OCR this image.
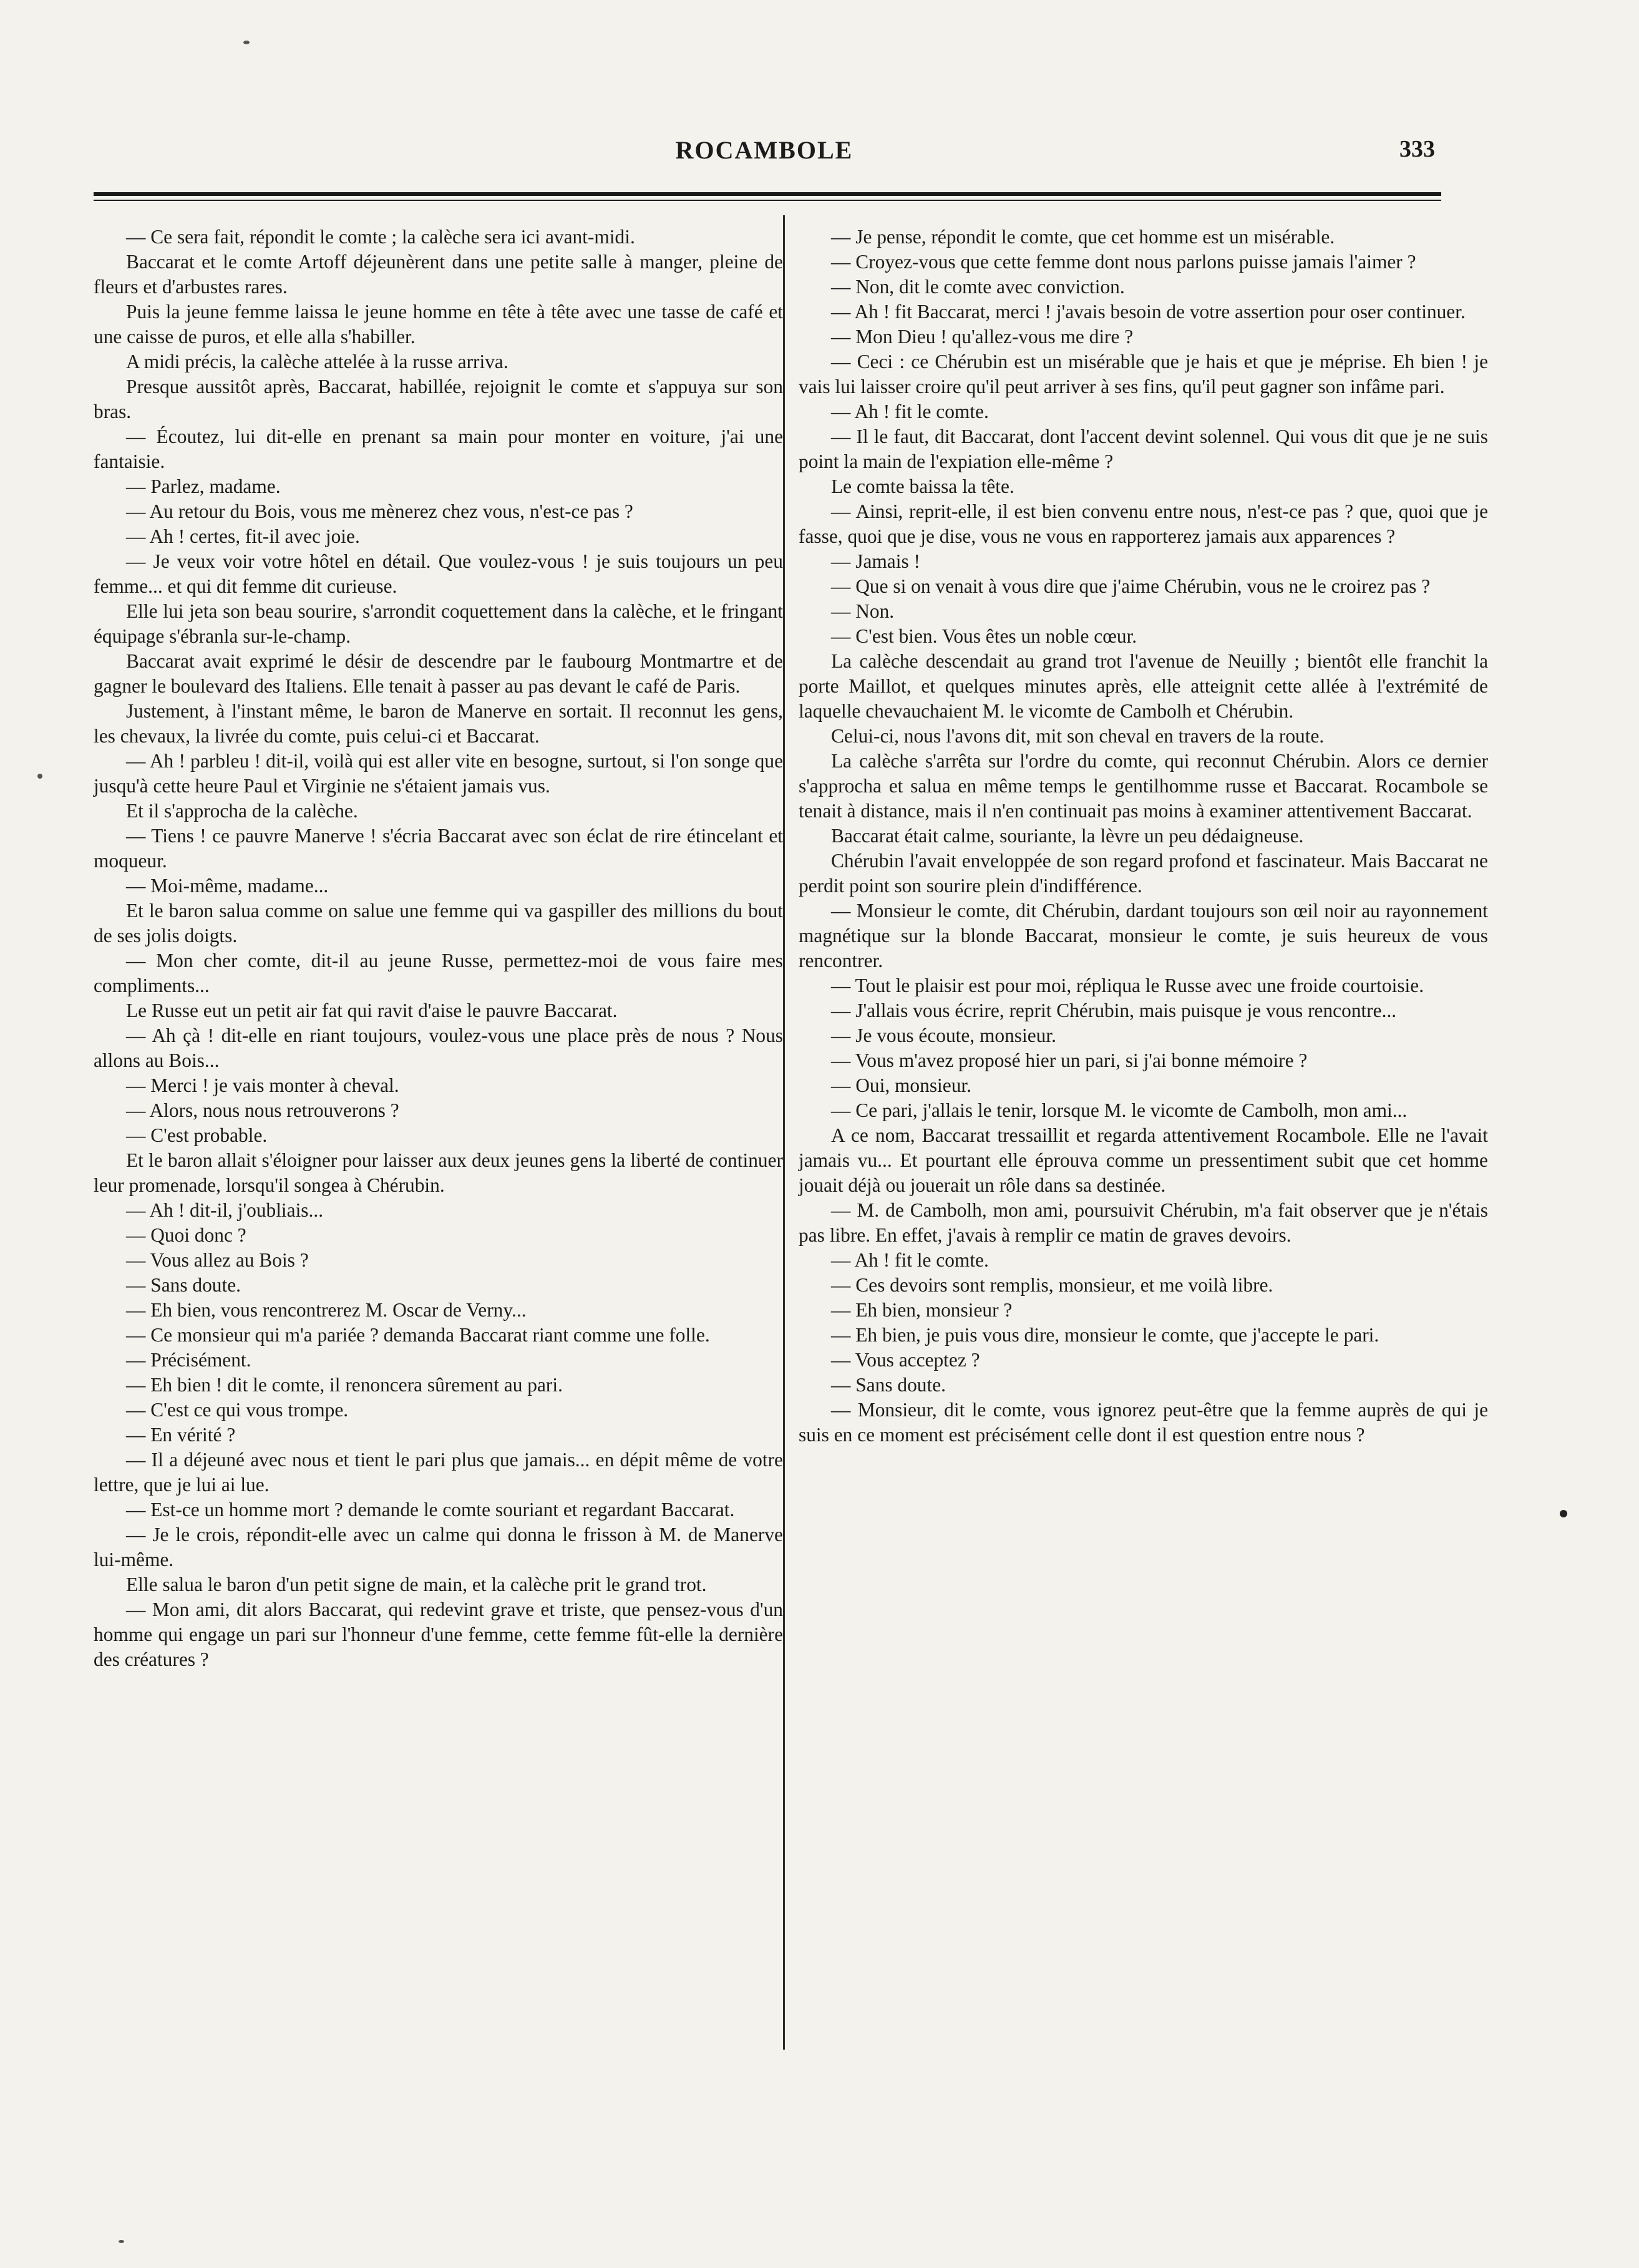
ROCAMBOLE	333

— Ce sera fait, répondit le comte ; la calèche sera ici avant-midi.

Baccarat et le comte Artoff déjeunèrent dans une petite salle à manger, pleine de fleurs et d'arbustes rares.

Puis la jeune femme laissa le jeune homme en tête à tête avec une tasse de café et une caisse de puros, et elle alla s'habiller.

A midi précis, la calèche attelée à la russe arriva.

Presque aussitôt après, Baccarat, habillée, rejoignit le comte et s'appuya sur son bras.

— Écoutez, lui dit-elle en prenant sa main pour monter en voiture, j'ai une fantaisie.

— Parlez, madame.

— Au retour du Bois, vous me mènerez chez vous, n'est-ce pas ?

— Ah ! certes, fit-il avec joie.

— Je veux voir votre hôtel en détail. Que voulez-vous ! je suis toujours un peu femme... et qui dit femme dit curieuse.

Elle lui jeta son beau sourire, s'arrondit coquettement dans la calèche, et le fringant équipage s'ébranla sur-le-champ.

Baccarat avait exprimé le désir de descendre par le faubourg Montmartre et de gagner le boulevard des Italiens. Elle tenait à passer au pas devant le café de Paris.

Justement, à l'instant même, le baron de Manerve en sortait. Il reconnut les gens, les chevaux, la livrée du comte, puis celui-ci et Baccarat.

— Ah ! parbleu ! dit-il, voilà qui est aller vite en besogne, surtout, si l'on songe que jusqu'à cette heure Paul et Virginie ne s'étaient jamais vus.

Et il s'approcha de la calèche.

— Tiens ! ce pauvre Manerve ! s'écria Baccarat avec son éclat de rire étincelant et moqueur.

— Moi-même, madame...

Et le baron salua comme on salue une femme qui va gaspiller des millions du bout de ses jolis doigts.

— Mon cher comte, dit-il au jeune Russe, permettez-moi de vous faire mes compliments...

Le Russe eut un petit air fat qui ravit d'aise le pauvre Baccarat.

— Ah çà ! dit-elle en riant toujours, voulez-vous une place près de nous ? Nous allons au Bois...

— Merci ! je vais monter à cheval.

— Alors, nous nous retrouverons ?

— C'est probable.

Et le baron allait s'éloigner pour laisser aux deux jeunes gens la liberté de continuer leur promenade, lorsqu'il songea à Chérubin.

— Ah ! dit-il, j'oubliais...

— Quoi donc ?

— Vous allez au Bois ?

— Sans doute.

— Eh bien, vous rencontrerez M. Oscar de Verny...

— Ce monsieur qui m'a pariée ? demanda Baccarat riant comme une folle.

— Précisément.

— Eh bien ! dit le comte, il renoncera sûrement au pari.

— C'est ce qui vous trompe.

— En vérité ?

— Il a déjeuné avec nous et tient le pari plus que jamais... en dépit même de votre lettre, que je lui ai lue.

— Est-ce un homme mort ? demande le comte souriant et regardant Baccarat.

— Je le crois, répondit-elle avec un calme qui donna le frisson à M. de Manerve lui-même.

Elle salua le baron d'un petit signe de main, et la calèche prit le grand trot.

— Mon ami, dit alors Baccarat, qui redevint grave et triste, que pensez-vous d'un homme qui engage un pari sur l'honneur d'une femme, cette femme fût-elle la dernière des créatures ?

— Je pense, répondit le comte, que cet homme est un misérable.

— Croyez-vous que cette femme dont nous parlons puisse jamais l'aimer ?

— Non, dit le comte avec conviction.

— Ah ! fit Baccarat, merci ! j'avais besoin de votre assertion pour oser continuer.

— Mon Dieu ! qu'allez-vous me dire ?

— Ceci : ce Chérubin est un misérable que je hais et que je méprise. Eh bien ! je vais lui laisser croire qu'il peut arriver à ses fins, qu'il peut gagner son infâme pari.

— Ah ! fit le comte.

— Il le faut, dit Baccarat, dont l'accent devint solennel. Qui vous dit que je ne suis point la main de l'expiation elle-même ?

Le comte baissa la tête.

— Ainsi, reprit-elle, il est bien convenu entre nous, n'est-ce pas ? que, quoi que je fasse, quoi que je dise, vous ne vous en rapporterez jamais aux apparences ?

— Jamais !

— Que si on venait à vous dire que j'aime Chérubin, vous ne le croirez pas ?

— Non.

— C'est bien. Vous êtes un noble cœur.

La calèche descendait au grand trot l'avenue de Neuilly ; bientôt elle franchit la porte Maillot, et quelques minutes après, elle atteignit cette allée à l'extrémité de laquelle chevauchaient M. le vicomte de Cambolh et Chérubin.

Celui-ci, nous l'avons dit, mit son cheval en travers de la route.

La calèche s'arrêta sur l'ordre du comte, qui reconnut Chérubin. Alors ce dernier s'approcha et salua en même temps le gentilhomme russe et Baccarat. Rocambole se tenait à distance, mais il n'en continuait pas moins à examiner attentivement Baccarat.

Baccarat était calme, souriante, la lèvre un peu dédaigneuse.

Chérubin l'avait enveloppée de son regard profond et fascinateur. Mais Baccarat ne perdit point son sourire plein d'indifférence.

— Monsieur le comte, dit Chérubin, dardant toujours son œil noir au rayonnement magnétique sur la blonde Baccarat, monsieur le comte, je suis heureux de vous rencontrer.

— Tout le plaisir est pour moi, répliqua le Russe avec une froide courtoisie.

— J'allais vous écrire, reprit Chérubin, mais puisque je vous rencontre...

— Je vous écoute, monsieur.

— Vous m'avez proposé hier un pari, si j'ai bonne mémoire ?

— Oui, monsieur.

— Ce pari, j'allais le tenir, lorsque M. le vicomte de Cambolh, mon ami...

A ce nom, Baccarat tressaillit et regarda attentivement Rocambole. Elle ne l'avait jamais vu... Et pourtant elle éprouva comme un pressentiment subit que cet homme jouait déjà ou jouerait un rôle dans sa destinée.

— M. de Cambolh, mon ami, poursuivit Chérubin, m'a fait observer que je n'étais pas libre. En effet, j'avais à remplir ce matin de graves devoirs.

— Ah ! fit le comte.

— Ces devoirs sont remplis, monsieur, et me voilà libre.

— Eh bien, monsieur ?

— Eh bien, je puis vous dire, monsieur le comte, que j'accepte le pari.

— Vous acceptez ?

— Sans doute.

— Monsieur, dit le comte, vous ignorez peut-être que la femme auprès de qui je suis en ce moment est précisément celle dont il est question entre nous ?
